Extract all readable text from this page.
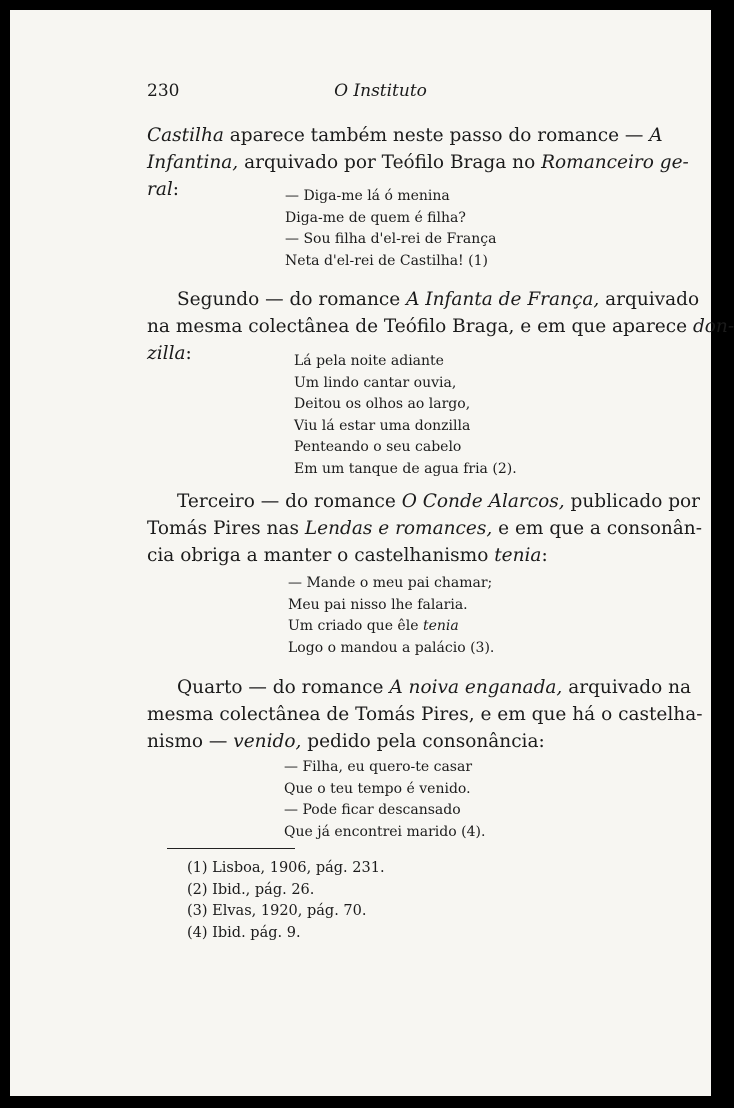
O Instituto
230
Castilha aparece também neste passo do romance — A
Infantina, arquivado por Teófilo Braga no Romanceiro ge-
ral:	— Diga-me lá ó menina
Diga-me de quem é filha?
— Sou filha d'el-rei de França
Neta d'el-rei de Castilha! (1)
Segundo — do romance A Infanta de França, arquivado
na mesma colectânea de Teófilo Braga, e em que aparece don-
zilla:	Lá pela noite adiante
Um lindo cantar ouvia,
Deitou os olhos ao largo,
Viu lá estar uma donzilla
Penteando o seu cabelo
Em um tanque de agua fria (2).
Terceiro — do romance O Conde Alarcos, publicado por
Tomás Pires nas Lendas e romances, e em que a consonân-
cia obriga a manter o castelhanismo tenia:
— Mande o meu pai chamar;
Meu pai nisso lhe falaria.
Um criado que êle tenia
Logo o mandou a palácio (3).
Quarto — do romance A noiva enganada, arquivado na
mesma colectânea de Tomás Pires, e em que há o castelha-
nismo — venido, pedido pela consonância:
— Filha, eu quero-te casar
Que o teu tempo é venido.
— Pode ficar descansado
Que já encontrei marido (4).
(1) Lisboa, 1906, pág. 231.
(2) Ibid., pág. 26.
(3) Elvas, 1920, pág. 70.
(4) Ibid. pág. 9.
